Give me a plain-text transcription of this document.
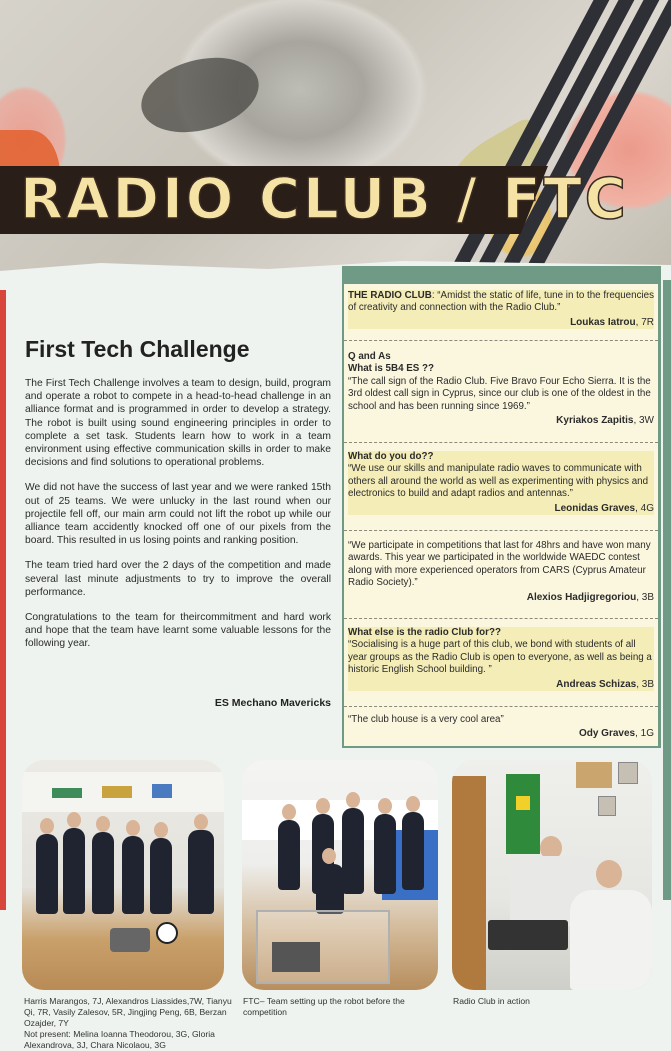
RADIO CLUB / FTC
First Tech Challenge

The First Tech Challenge involves a team to design, build, program and operate a robot to compete in a head-to-head challenge in an alliance format and is programmed in order to develop a strategy. The robot is built using sound engineering principles in order to complete a set task. Students learn how to work in a team environment using effective communication skills in order to make decisions and find solutions to operational problems.

We did not have the success of last year and we were ranked 15th out of 25 teams. We were unlucky in the last round when our projectile fell off, our main arm could not lift the robot up while our alliance team accidently knocked off one of our pixels from the board. This resulted in us losing points and ranking position.

The team tried hard over the 2 days of the competition and made several last minute adjustments to try to improve the overall performance.

Congratulations to the team for theircommitment and hard work and hope that the team have learnt some valuable lessons for the following year.

ES Mechano Mavericks
THE RADIO CLUB: “Amidst the static of life, tune in to the frequencies of creativity and connection with the Radio Club.”
Loukas Iatrou, 7R
Q and As
What is 5B4 ES ??
“The call sign of the Radio Club. Five Bravo Four Echo Sierra. It is the 3rd oldest call sign in Cyprus, since our club is one of the oldest in the school and has been running since 1969.”
Kyriakos Zapitis, 3W
What do you do??
“We use our skills and manipulate radio waves to communicate with others all around the world as well as experimenting with physics and electronics to build and adapt radios and antennas.”
Leonidas Graves, 4G
“We participate in competitions that last for 48hrs and have won many awards. This year we participated in the worldwide WAEDC contest along with more experienced operators from CARS (Cyprus Amateur Radio Society).”
Alexios Hadjigregoriou, 3B
What else is the radio Club for??
“Socialising is a huge part of this club, we bond with students of all year groups as the Radio Club is open to everyone, as well as being a historic English School building. ”
Andreas Schizas, 3B
“The club house is a very cool area”
Ody Graves, 1G
Harris Marangos, 7J, Alexandros Liassides,7W, Tianyu Qi, 7R, Vasily Zalesov, 5R, Jingjing Peng, 6B, Berzan Ozajder, 7Y
Not present: Melina Ioanna Theodorou, 3G, Gloria Alexandrova, 3J, Chara Nicolaou, 3G
FTC– Team setting up the robot before the competition
Radio Club in action
